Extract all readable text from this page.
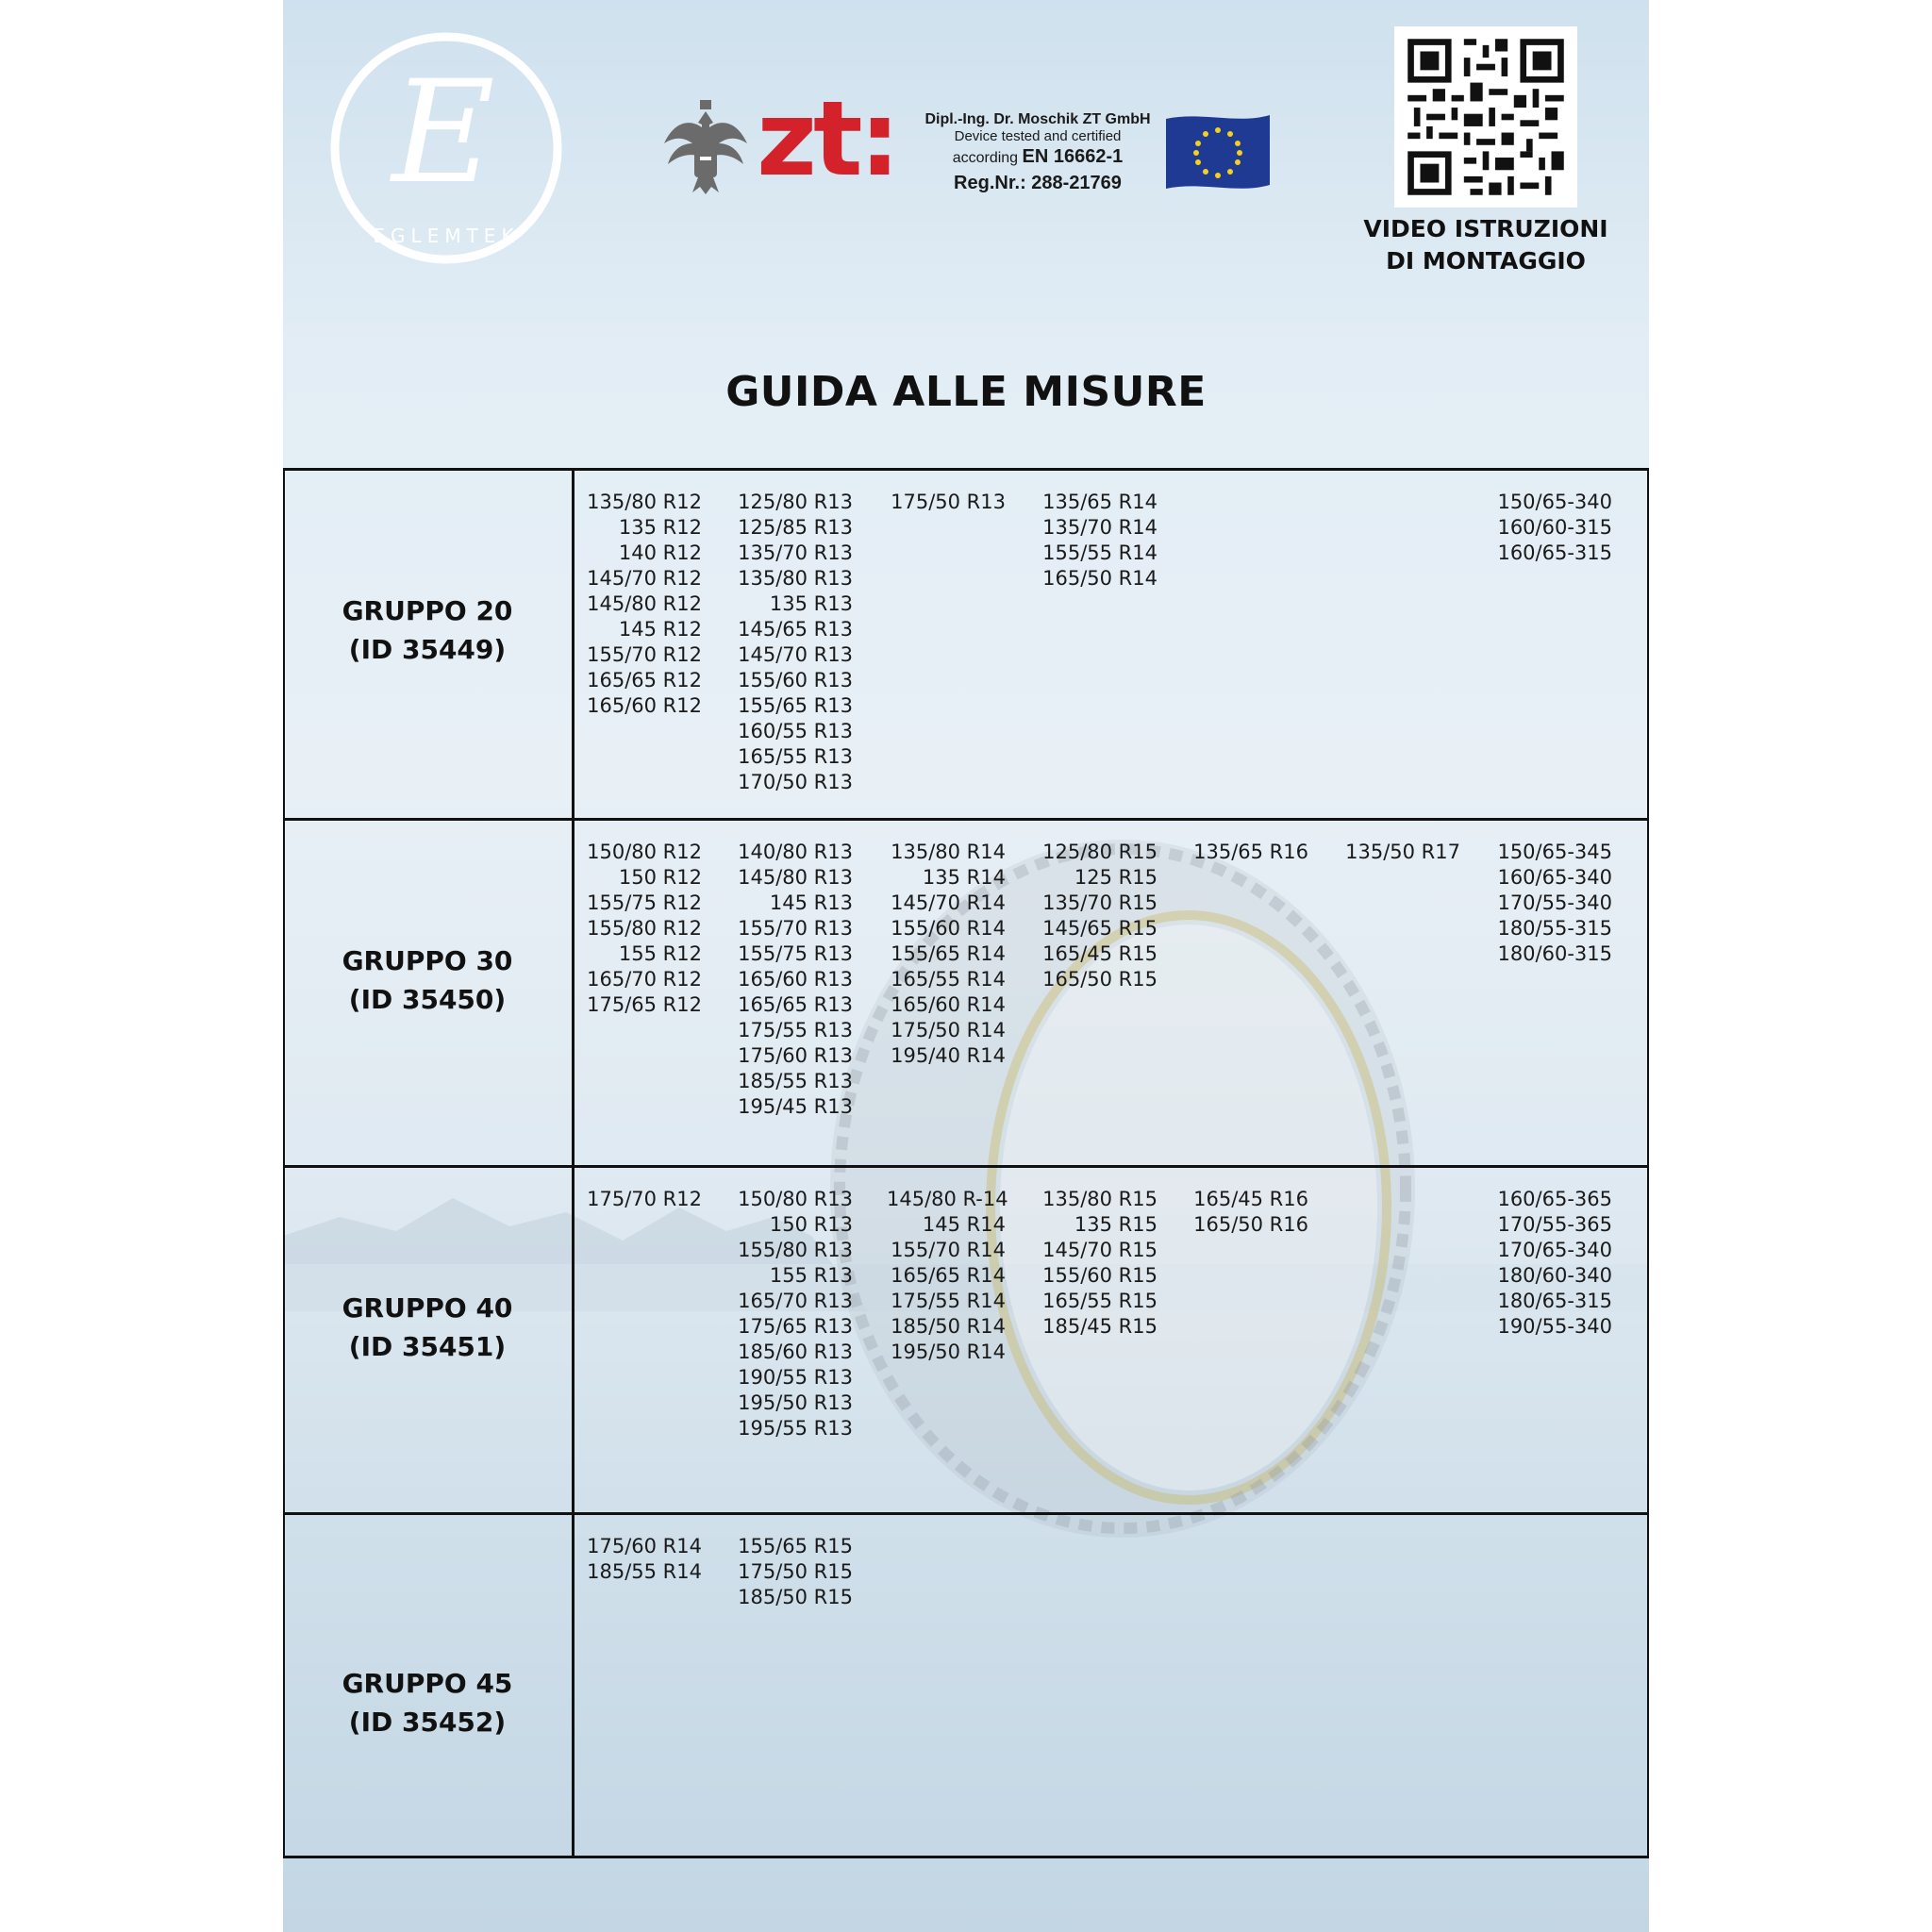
E
EGLEMTEK
zt:	Dipl.-Ing. Dr. Moschik ZT GmbH
Device tested and certified
according EN 16662-1
Reg.Nr.: 288-21769
VIDEO ISTRUZIONI
DI MONTAGGIO
GUIDA ALLE MISURE
GRUPPO 20
(ID 35449)
135/80 R12
135 R12
140 R12
145/70 R12
145/80 R12
145 R12
155/70 R12
165/65 R12
165/60 R12
125/80 R13
125/85 R13
135/70 R13
135/80 R13
135 R13
145/65 R13
145/70 R13
155/60 R13
155/65 R13
160/55 R13
165/55 R13
170/50 R13
175/50 R13 135/65 R14
135/70 R14
155/55 R14
165/50 R14
150/65-340
160/60-315
160/65-315
GRUPPO 30
(ID 35450)
150/80 R12
150 R12
155/75 R12
155/80 R12
155 R12
165/70 R12
175/65 R12
140/80 R13
145/80 R13
145 R13
155/70 R13
155/75 R13
165/60 R13
165/65 R13
175/55 R13
175/60 R13
185/55 R13
195/45 R13
135/80 R14
135 R14
145/70 R14
155/60 R14
155/65 R14
165/55 R14
165/60 R14
175/50 R14
195/40 R14
125/80 R15
125 R15
135/70 R15
145/65 R15
165/45 R15
165/50 R15
135/65 R16 135/50 R17 150/65-345
160/65-340
170/55-340
180/55-315
180/60-315
GRUPPO 40
(ID 35451)
175/70 R12 150/80 R13
150 R13
155/80 R13
155 R13
165/70 R13
175/65 R13
185/60 R13
190/55 R13
195/50 R13
195/55 R13
145/80 R-14
145 R14
155/70 R14
165/65 R14
175/55 R14
185/50 R14
195/50 R14
135/80 R15
135 R15
145/70 R15
155/60 R15
165/55 R15
185/45 R15
165/45 R16
165/50 R16
160/65-365
170/55-365
170/65-340
180/60-340
180/65-315
190/55-340
GRUPPO 45
(ID 35452)
175/60 R14
185/55 R14
155/65 R15
175/50 R15
185/50 R15
